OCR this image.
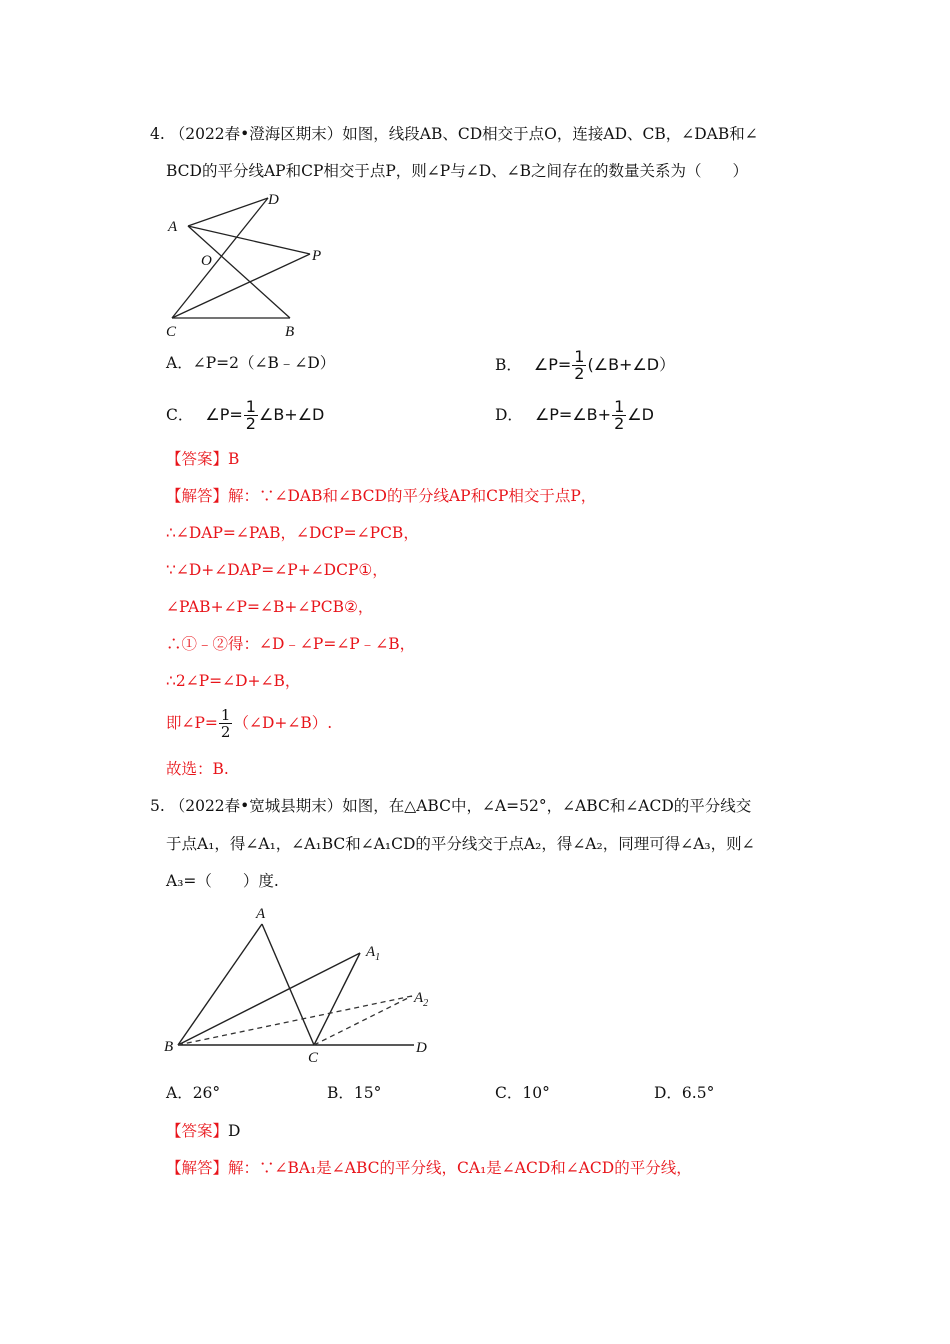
4. （2022春•澄海区期末）如图，线段AB、CD相交于点O，连接AD、CB，∠DAB和∠
BCD的平分线AP和CP相交于点P，则∠P与∠D、∠B之间存在的数量关系为（　　）
A
D
O	P
C	B
A．∠P=2（∠B﹣∠D）	B． ∠P= $\frac{1}{2}$ (∠B+∠D）
C． ∠P= $\frac{1}{2}$ ∠B+∠D	D． ∠P=∠B+ $\frac{1}{2}$ ∠D
【答案】B
【解答】解：∵∠DAB和∠BCD的平分线AP和CP相交于点P，
∴∠DAP=∠PAB，∠DCP=∠PCB，
∵∠D+∠DAP=∠P+∠DCP①，
∠PAB+∠P=∠B+∠PCB②，
∴①﹣②得：∠D﹣∠P=∠P﹣∠B，
∴2∠P=∠D+∠B，
即∠P= $\frac{1}{2}$ （∠D+∠B）.
故选：B.
5. （2022春•宽城县期末）如图，在△ABC中，∠A=52°，∠ABC和∠ACD的平分线交
于点A₁，得∠A₁，∠A₁BC和∠A₁CD的平分线交于点A₂，得∠A₂，同理可得∠A₃，则∠
A₃=（　　）度.
A
$A_1$
$A_2$
B
C
D
A．26°	B．15°	C．10°	D．6.5°
【答案】D
【解答】解：∵∠BA₁是∠ABC的平分线，CA₁是∠ACD和∠ACD的平分线，
